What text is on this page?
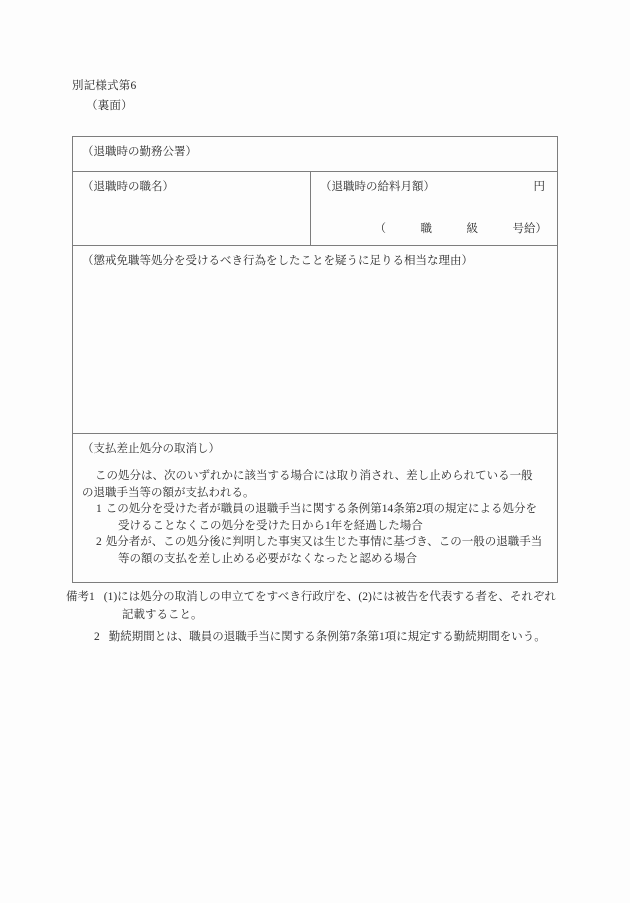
別記様式第6
（裏面）
（退職時の勤務公署）
（退職時の職名）	（退職時の給料月額）	円
（　　　職　　　級　　　号給）
（懲戒免職等処分を受けるべき行為をしたことを疑うに足りる相当な理由）

（支払差止処分の取消し）

この処分は、次のいずれかに該当する場合には取り消され、差し止められている一般の退職手当等の額が支払われる。

1 この処分を受けた者が職員の退職手当に関する条例第14条第2項の規定による処分を受けることなくこの処分を受けた日から1年を経過した場合

2 処分者が、この処分後に判明した事実又は生じた事情に基づき、この一般の退職手当等の額の支払を差し止める必要がなくなったと認める場合

備考1 (1)には処分の取消しの申立てをすべき行政庁を、(2)には被告を代表する者を、それぞれ記載すること。

2 勤続期間とは、職員の退職手当に関する条例第7条第1項に規定する勤続期間をいう。
